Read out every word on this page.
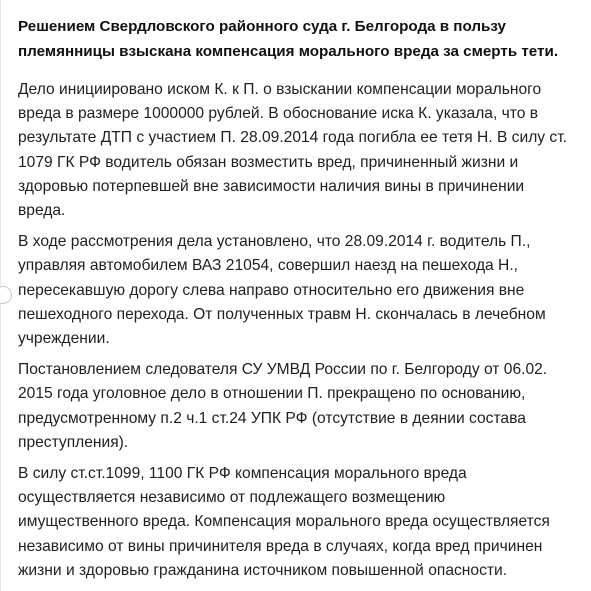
Решением Свердловского районного суда г. Белгорода в пользу
племянницы взыскана компенсация морального вреда за смерть тети.
Дело инициировано иском К. к П. о взыскании компенсации морального
вреда в размере 1000000 рублей. В обоснование иска К. указала, что в
результате ДТП с участием П. 28.09.2014 года погибла ее тетя Н. В силу ст.
1079 ГК РФ водитель обязан возместить вред, причиненный жизни и
здоровью потерпевшей вне зависимости наличия вины в причинении
вреда.
В ходе рассмотрения дела установлено, что 28.09.2014 г. водитель П.,
управляя автомобилем ВАЗ 21054, совершил наезд на пешехода Н.,
пересекавшую дорогу слева направо относительно его движения вне
пешеходного перехода. От полученных травм Н. скончалась в лечебном
учреждении.
Постановлением следователя СУ УМВД России по г. Белгороду от 06.02.
2015 года уголовное дело в отношении П. прекращено по основанию,
предусмотренному п.2 ч.1 ст.24 УПК РФ (отсутствие в деянии состава
преступления).
В силу ст.ст.1099, 1100 ГК РФ компенсация морального вреда
осуществляется независимо от подлежащего возмещению
имущественного вреда. Компенсация морального вреда осуществляется
независимо от вины причинителя вреда в случаях, когда вред причинен
жизни и здоровью гражданина источником повышенной опасности.
